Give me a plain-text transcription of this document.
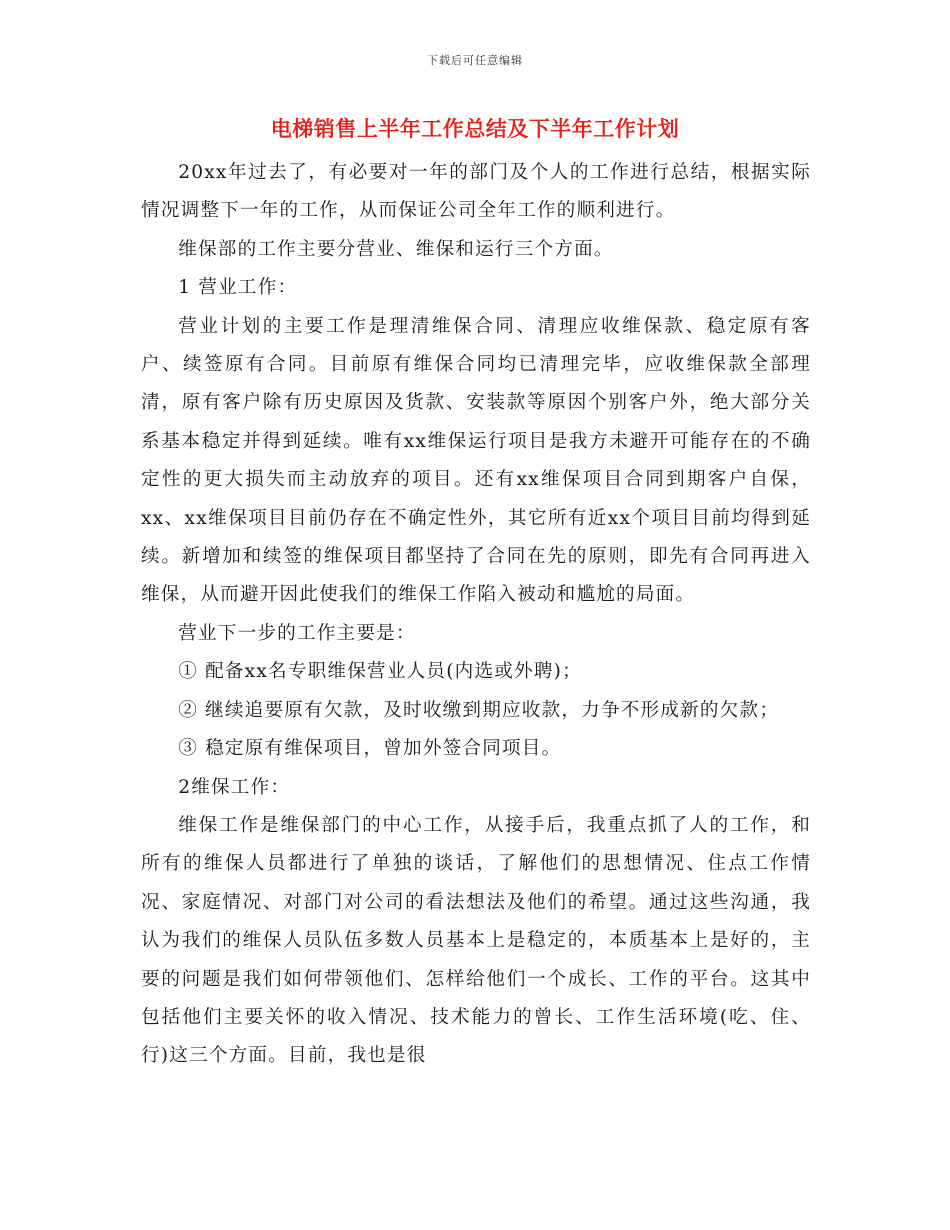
下载后可任意编辑
电梯销售上半年工作总结及下半年工作计划

20xx年过去了，有必要对一年的部门及个人的工作进行总结，根据实际情况调整下一年的工作，从而保证公司全年工作的顺利进行。

维保部的工作主要分营业、维保和运行三个方面。

1 营业工作：

营业计划的主要工作是理清维保合同、清理应收维保款、稳定原有客户、续签原有合同。目前原有维保合同均已清理完毕，应收维保款全部理清，原有客户除有历史原因及货款、安装款等原因个别客户外，绝大部分关系基本稳定并得到延续。唯有xx维保运行项目是我方未避开可能存在的不确定性的更大损失而主动放弃的项目。还有xx维保项目合同到期客户自保，xx、xx维保项目目前仍存在不确定性外，其它所有近xx个项目目前均得到延续。新增加和续签的维保项目都坚持了合同在先的原则，即先有合同再进入维保，从而避开因此使我们的维保工作陷入被动和尴尬的局面。

营业下一步的工作主要是：

① 配备xx名专职维保营业人员(内选或外聘)；

② 继续追要原有欠款，及时收缴到期应收款，力争不形成新的欠款；

③ 稳定原有维保项目，曾加外签合同项目。

2维保工作：

维保工作是维保部门的中心工作，从接手后，我重点抓了人的工作，和所有的维保人员都进行了单独的谈话，了解他们的思想情况、住点工作情况、家庭情况、对部门对公司的看法想法及他们的希望。通过这些沟通，我认为我们的维保人员队伍多数人员基本上是稳定的，本质基本上是好的，主要的问题是我们如何带领他们、怎样给他们一个成长、工作的平台。这其中包括他们主要关怀的收入情况、技术能力的曾长、工作生活环境(吃、住、行)这三个方面。目前，我也是很
